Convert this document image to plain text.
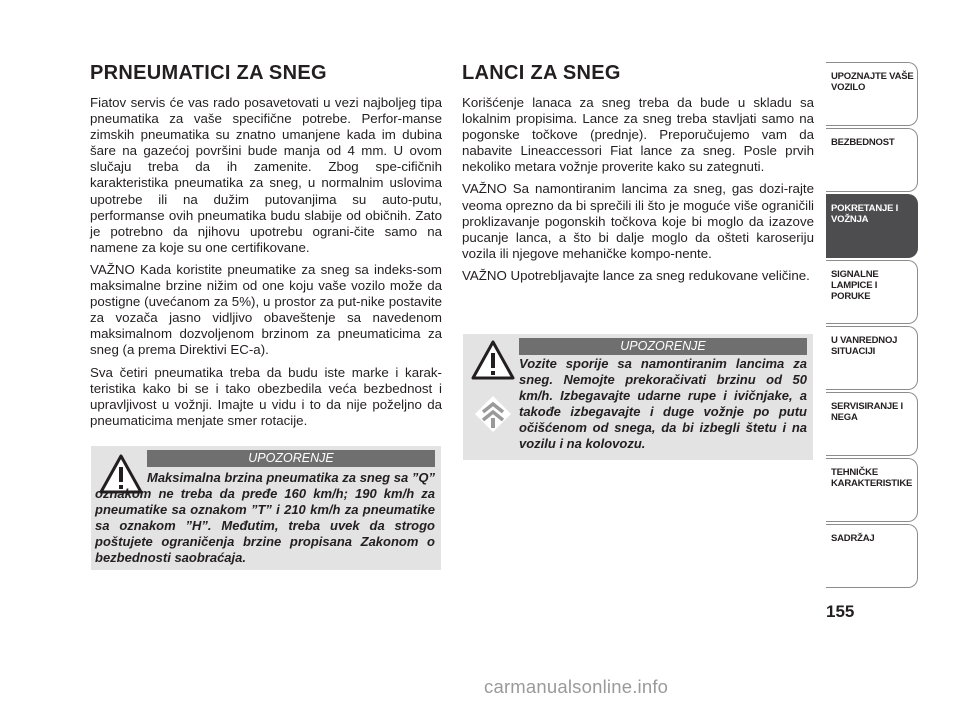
PRNEUMATICI ZA SNEG

Fiatov servis će vas rado posavetovati u vezi najboljeg tipa pneumatika za vaše specifične potrebe. Perfor-manse zimskih pneumatika su znatno umanjene kada im dubina šare na gazećoj površini bude manja od 4 mm. U ovom slučaju treba da ih zamenite. Zbog spe-cifičnih karakteristika pneumatika za sneg, u normalnim uslovima upotrebe ili na dužim putovanjima su auto-putu, performanse ovih pneumatika budu slabije od običnih. Zato je potrebno da njihovu upotrebu ograni-čite samo na namene za koje su one certifikovane.

VAŽNO Kada koristite pneumatike za sneg sa indeks-som maksimalne brzine nižim od one koju vaše vozilo može da postigne (uvećanom za 5%), u prostor za put-nike postavite za vozača jasno vidljivo obaveštenje sa navedenom maksimalnom dozvoljenom brzinom za pneumaticima za sneg (a prema Direktivi EC-a).

Sva četiri pneumatika treba da budu iste marke i karak-teristika kako bi se i tako obezbedila veća bezbednost i upravljivost u vožnji. Imajte u vidu i to da nije poželjno da pneumaticima menjate smer rotacije.

UPOZORENJE
Maksimalna brzina pneumatika za sneg sa ”Q” oznakom ne treba da pređe 160 km/h; 190 km/h za pneumatike sa oznakom ”T” i 210 km/h za pneumatike sa oznakom ”H”. Međutim, treba uvek da strogo poštujete ograničenja brzine propisana Zakonom o bezbednosti saobraćaja.
LANCI ZA SNEG

Korišćenje lanaca za sneg treba da bude u skladu sa lokalnim propisima. Lance za sneg treba stavljati samo na pogonske točkove (prednje). Preporučujemo vam da nabavite Lineaccessori Fiat lance za sneg. Posle prvih nekoliko metara vožnje proverite kako su zategnuti.

VAŽNO Sa namontiranim lancima za sneg, gas dozi-rajte veoma oprezno da bi sprečili ili što je moguće više ograničili proklizavanje pogonskih točkova koje bi moglo da izazove pucanje lanca, a što bi dalje moglo da ošteti karoseriju vozila ili njegove mehaničke kompo-nente.

VAŽNO Upotrebljavajte lance za sneg redukovane veličine.

UPOZORENJE
Vozite sporije sa namontiranim lancima za sneg. Nemojte prekoračivati brzinu od 50 km/h. Izbegavajte udarne rupe i ivičnjake, a takođe izbegavajte i duge vožnje po putu očišćenom od snega, da bi izbegli štetu i na vozilu i na kolovozu.
UPOZNAJTE VAŠE VOZILO
BEZBEDNOST
POKRETANJE I VOŽNJA
SIGNALNE LAMPICE I PORUKE
U VANREDNOJ SITUACIJI
SERVISIRANJE I NEGA
TEHNIČKE KARAKTERISTIKE
SADRŽAJ
155
carmanualsonline.info
